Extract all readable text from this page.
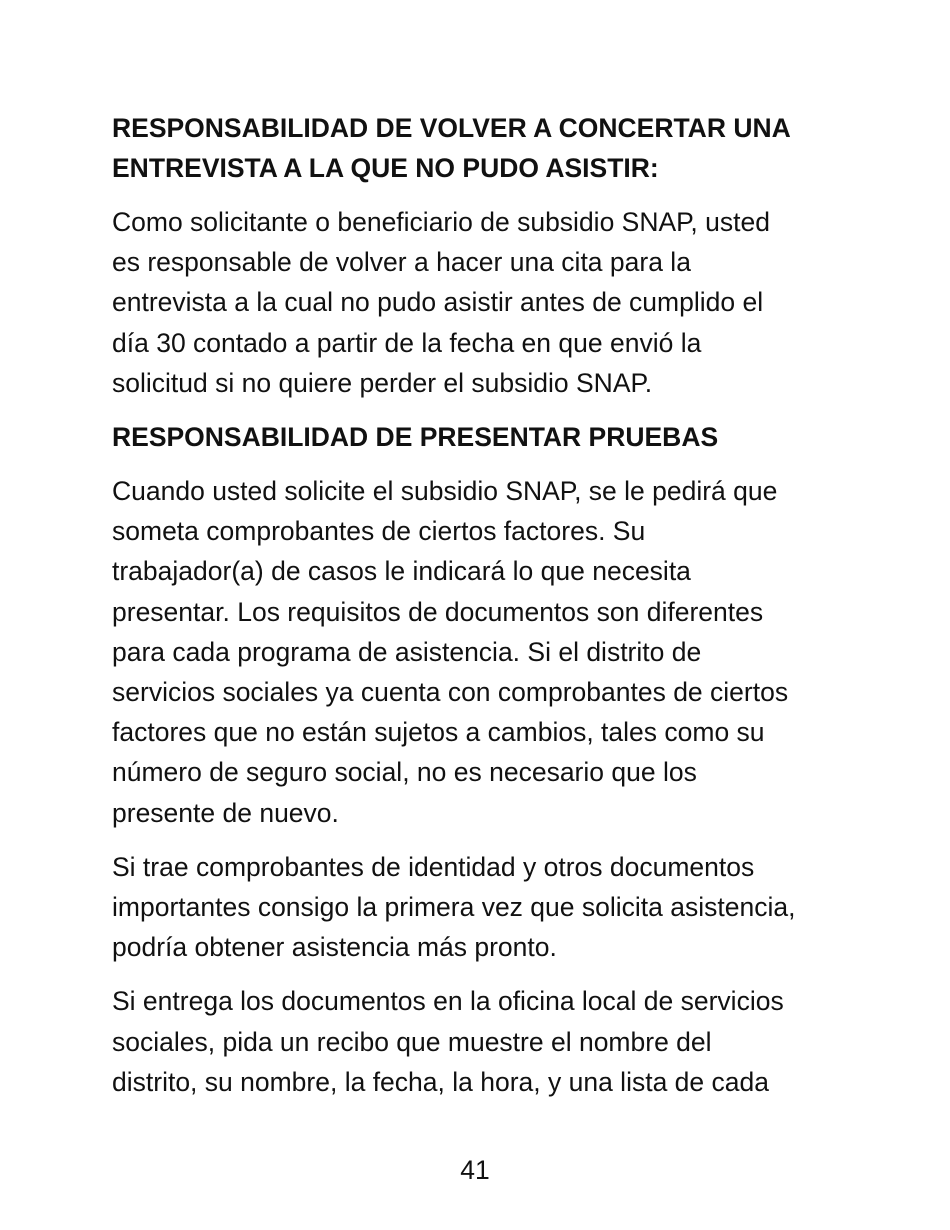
RESPONSABILIDAD DE VOLVER A CONCERTAR UNA
ENTREVISTA A LA QUE NO PUDO ASISTIR:

Como solicitante o beneficiario de subsidio SNAP, usted
es responsable de volver a hacer una cita para la
entrevista a la cual no pudo asistir antes de cumplido el
día 30 contado a partir de la fecha en que envió la
solicitud si no quiere perder el subsidio SNAP.

RESPONSABILIDAD DE PRESENTAR PRUEBAS

Cuando usted solicite el subsidio SNAP, se le pedirá que
someta comprobantes de ciertos factores. Su
trabajador(a) de casos le indicará lo que necesita
presentar. Los requisitos de documentos son diferentes
para cada programa de asistencia. Si el distrito de
servicios sociales ya cuenta con comprobantes de ciertos
factores que no están sujetos a cambios, tales como su
número de seguro social, no es necesario que los
presente de nuevo.

Si trae comprobantes de identidad y otros documentos
importantes consigo la primera vez que solicita asistencia,
podría obtener asistencia más pronto.

Si entrega los documentos en la oficina local de servicios
sociales, pida un recibo que muestre el nombre del
distrito, su nombre, la fecha, la hora, y una lista de cada

41
